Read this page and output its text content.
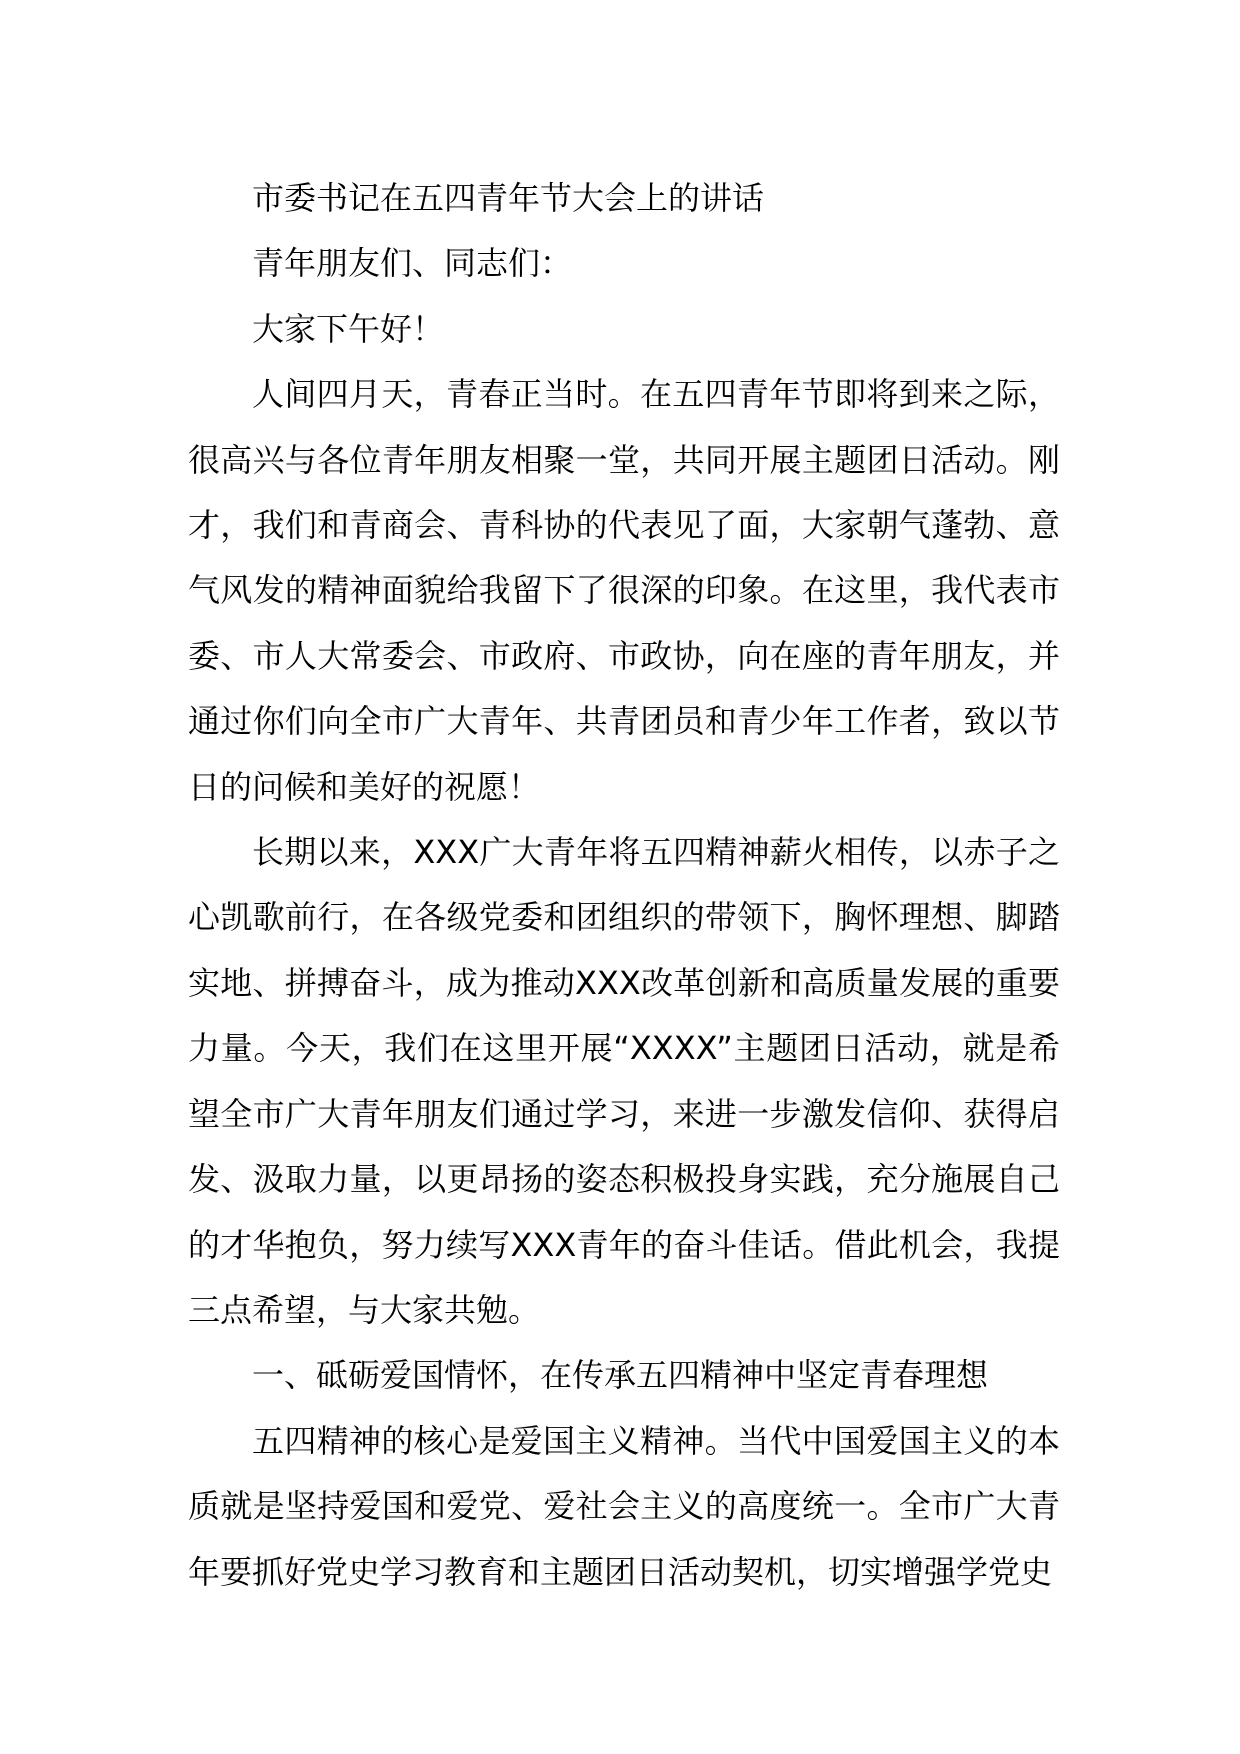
市委书记在五四青年节大会上的讲话

青年朋友们、同志们：

大家下午好！

人间四月天，青春正当时。在五四青年节即将到来之际，很高兴与各位青年朋友相聚一堂，共同开展主题团日活动。刚才，我们和青商会、青科协的代表见了面，大家朝气蓬勃、意气风发的精神面貌给我留下了很深的印象。在这里，我代表市委、市人大常委会、市政府、市政协，向在座的青年朋友，并通过你们向全市广大青年、共青团员和青少年工作者，致以节日的问候和美好的祝愿！

长期以来，XXX广大青年将五四精神薪火相传，以赤子之心凯歌前行，在各级党委和团组织的带领下，胸怀理想、脚踏实地、拼搏奋斗，成为推动XXX改革创新和高质量发展的重要力量。今天，我们在这里开展“XXXX”主题团日活动，就是希望全市广大青年朋友们通过学习，来进一步激发信仰、获得启发、汲取力量，以更昂扬的姿态积极投身实践，充分施展自己的才华抱负，努力续写XXX青年的奋斗佳话。借此机会，我提三点希望，与大家共勉。

一、砥砺爱国情怀，在传承五四精神中坚定青春理想

五四精神的核心是爱国主义精神。当代中国爱国主义的本质就是坚持爱国和爱党、爱社会主义的高度统一。全市广大青年要抓好党史学习教育和主题团日活动契机，切实增强学党史
